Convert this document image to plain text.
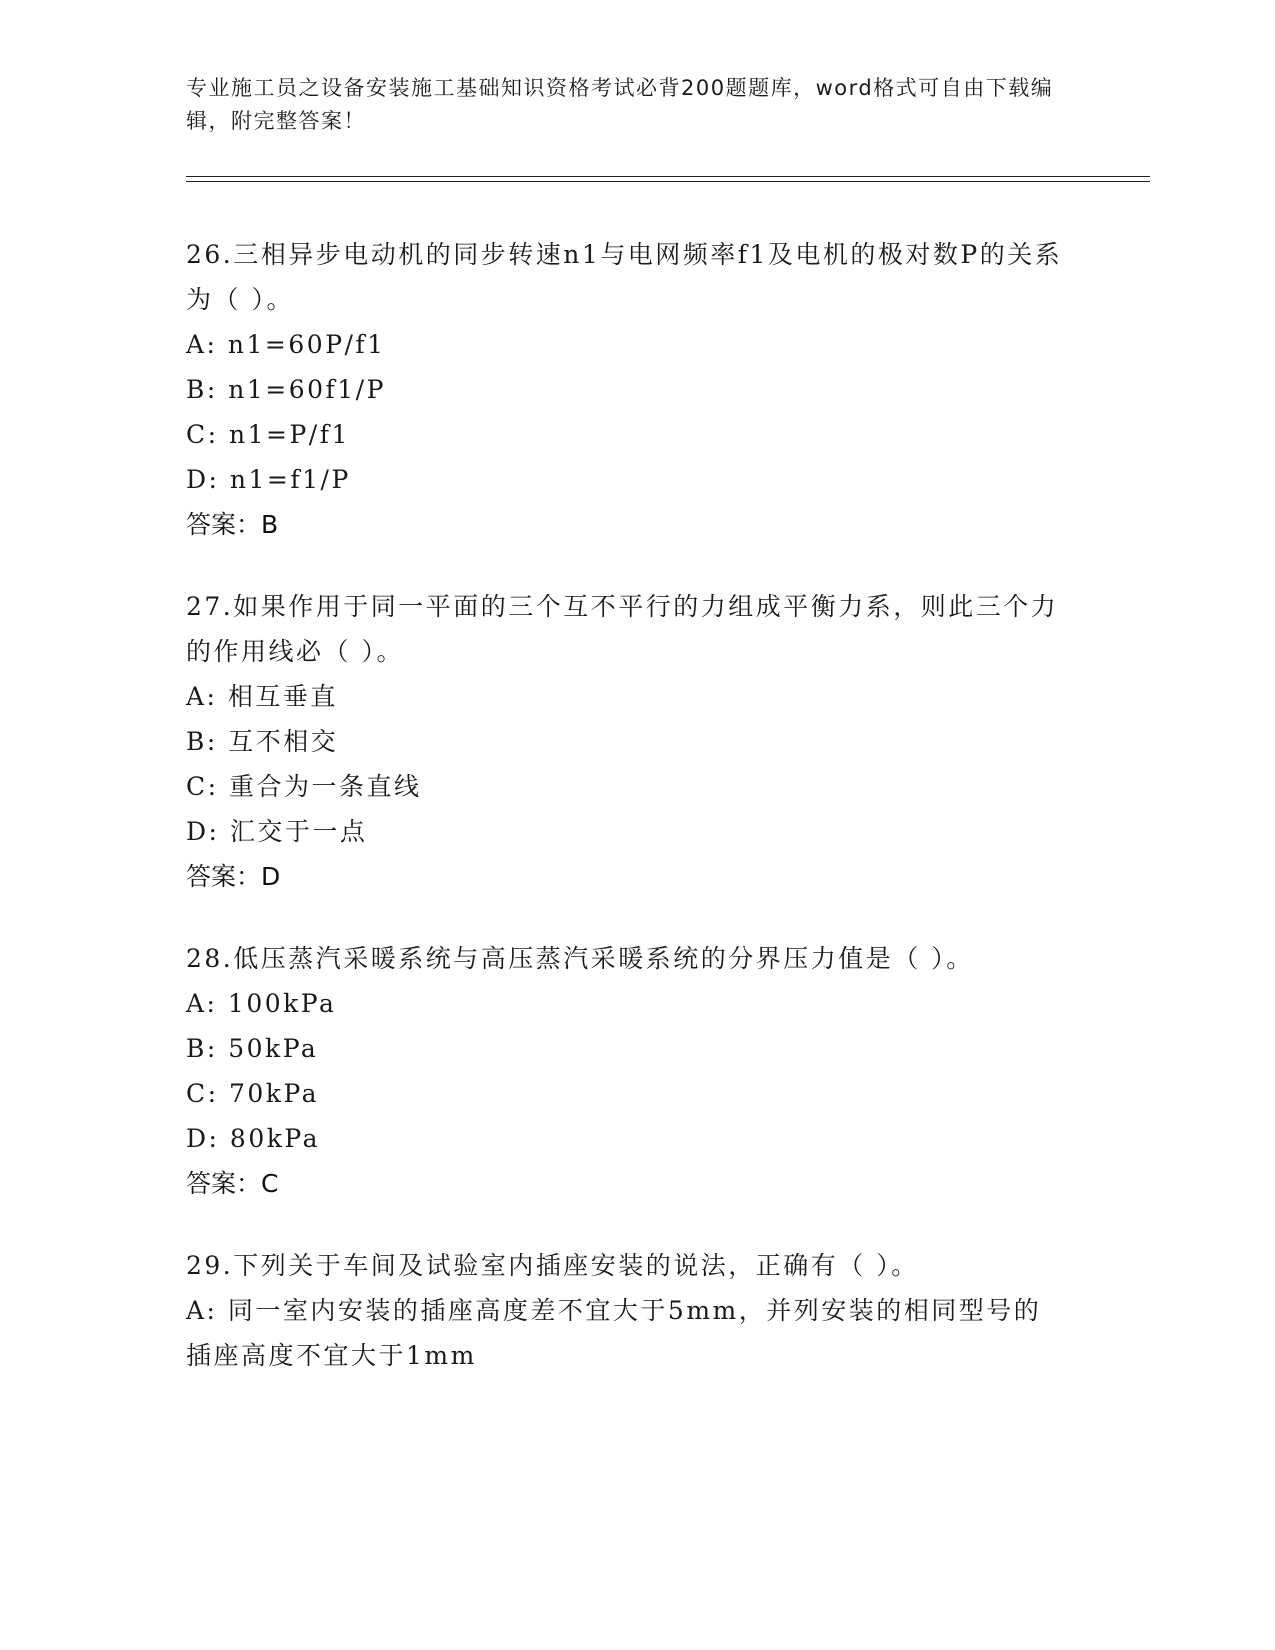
专业施工员之设备安装施工基础知识资格考试必背200题题库，word格式可自由下载编辑，附完整答案！

26.三相异步电动机的同步转速n1与电网频率f1及电机的极对数P的关系为（ ）。

A: n1=60P/f1

B: n1=60f1/P

C: n1=P/f1

D: n1=f1/P

答案：B

27.如果作用于同一平面的三个互不平行的力组成平衡力系，则此三个力的作用线必（ ）。

A: 相互垂直

B: 互不相交

C: 重合为一条直线

D: 汇交于一点

答案：D

28.低压蒸汽采暖系统与高压蒸汽采暖系统的分界压力值是（ ）。

A: 100kPa

B: 50kPa

C: 70kPa

D: 80kPa

答案：C

29.下列关于车间及试验室内插座安装的说法，正确有（ ）。

A: 同一室内安装的插座高度差不宜大于5mm，并列安装的相同型号的插座高度不宜大于1mm
